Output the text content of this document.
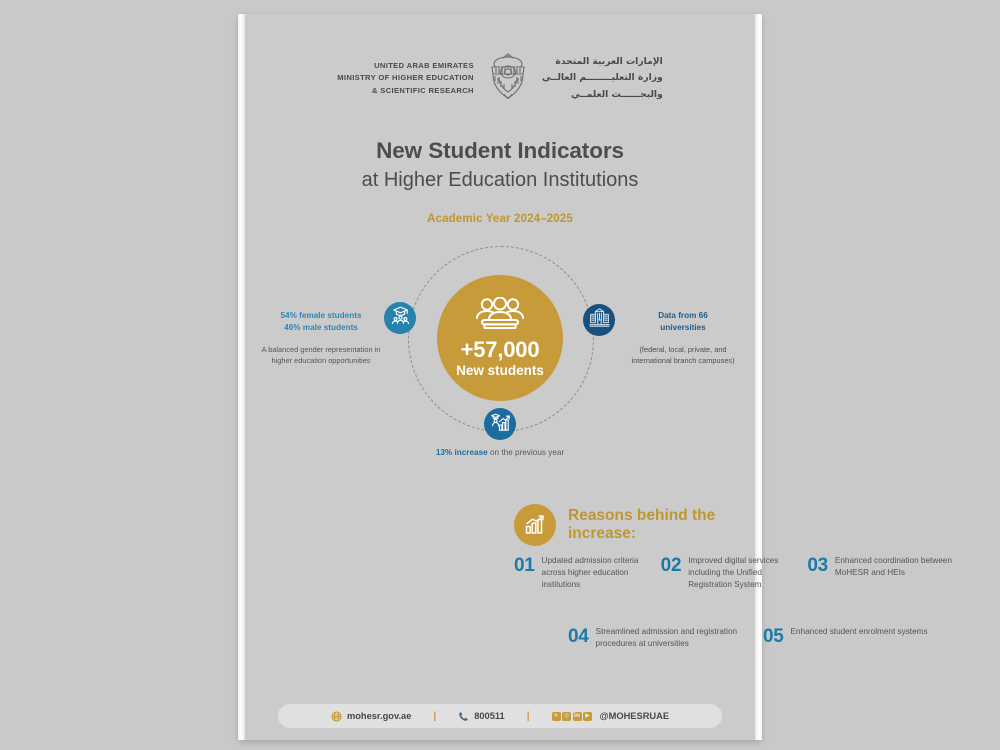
UNITED ARAB EMIRATES
MINISTRY OF HIGHER EDUCATION
& SCIENTIFIC RESEARCH
الإمارات العربية المتحدة
وزارة التعليــــــــم العالــي
والبحــــــث العلمــي
New Student Indicators
at Higher Education Institutions
Academic Year 2024–2025
+57,000
New students
54% female students
46% male students
A balanced gender representation in higher education opportunities
Data from 66
universities
(federal, local, private, and international branch campuses)
13% increase on the previous year
Reasons behind the increase:
01 Updated admission criteria across higher education institutions
02 Improved digital services including the Unified Registration System
03 Enhanced coordination between MoHESR and HEIs
04 Streamlined admission and registration procedures at universities	05 Enhanced student enrolment systems
mohesr.gov.ae |	800511 |	✕ ◎ in ▶ @MOHESRUAE
